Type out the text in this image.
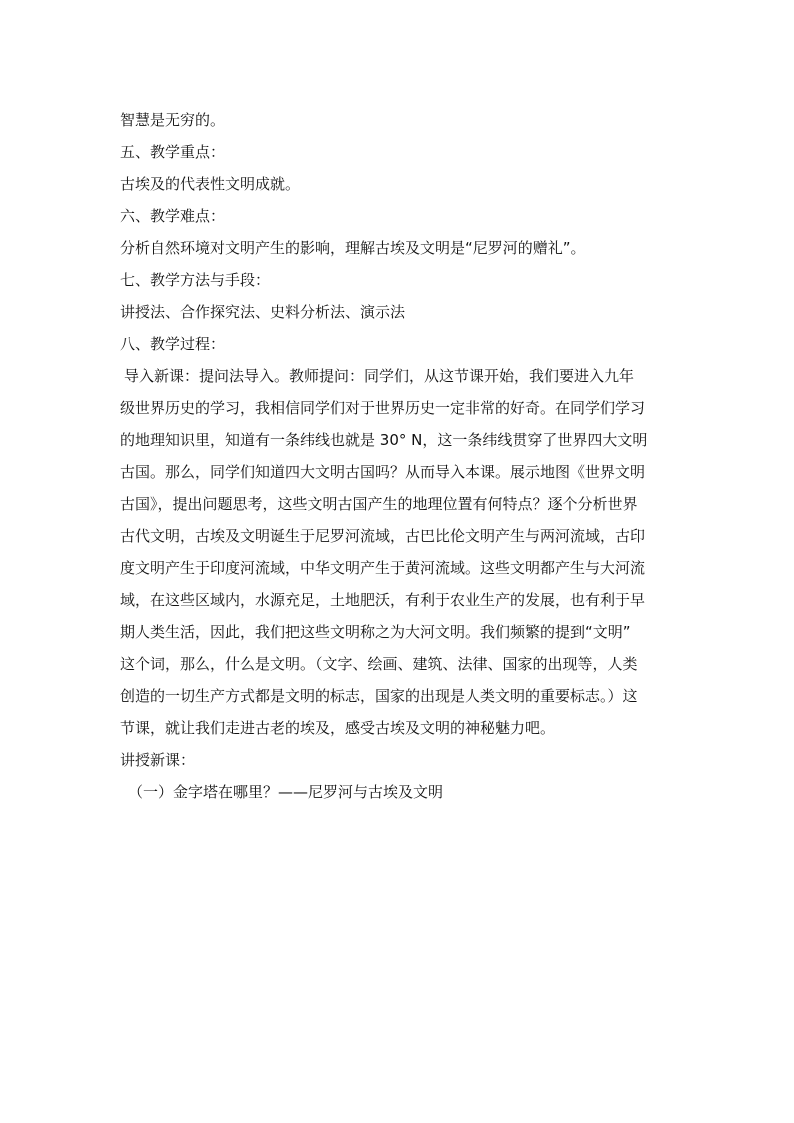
智慧是无穷的。
五、教学重点：
古埃及的代表性文明成就。
六、教学难点：
分析自然环境对文明产生的影响，理解古埃及文明是“尼罗河的赠礼”。
七、教学方法与手段：
讲授法、合作探究法、史料分析法、演示法
八、教学过程：
导入新课：提问法导入。教师提问：同学们，从这节课开始，我们要进入九年
级世界历史的学习，我相信同学们对于世界历史一定非常的好奇。在同学们学习
的地理知识里，知道有一条纬线也就是 30° N，这一条纬线贯穿了世界四大文明
古国。那么，同学们知道四大文明古国吗？从而导入本课。展示地图《世界文明
古国》，提出问题思考，这些文明古国产生的地理位置有何特点？逐个分析世界
古代文明，古埃及文明诞生于尼罗河流域，古巴比伦文明产生与两河流域，古印
度文明产生于印度河流域，中华文明产生于黄河流域。这些文明都产生与大河流
域，在这些区域内，水源充足，土地肥沃，有利于农业生产的发展，也有利于早
期人类生活，因此，我们把这些文明称之为大河文明。我们频繁的提到“文明”
这个词，那么，什么是文明。（文字、绘画、建筑、法律、国家的出现等，人类
创造的一切生产方式都是文明的标志，国家的出现是人类文明的重要标志。）这
节课，就让我们走进古老的埃及，感受古埃及文明的神秘魅力吧。
讲授新课：
（一）金字塔在哪里？——尼罗河与古埃及文明
